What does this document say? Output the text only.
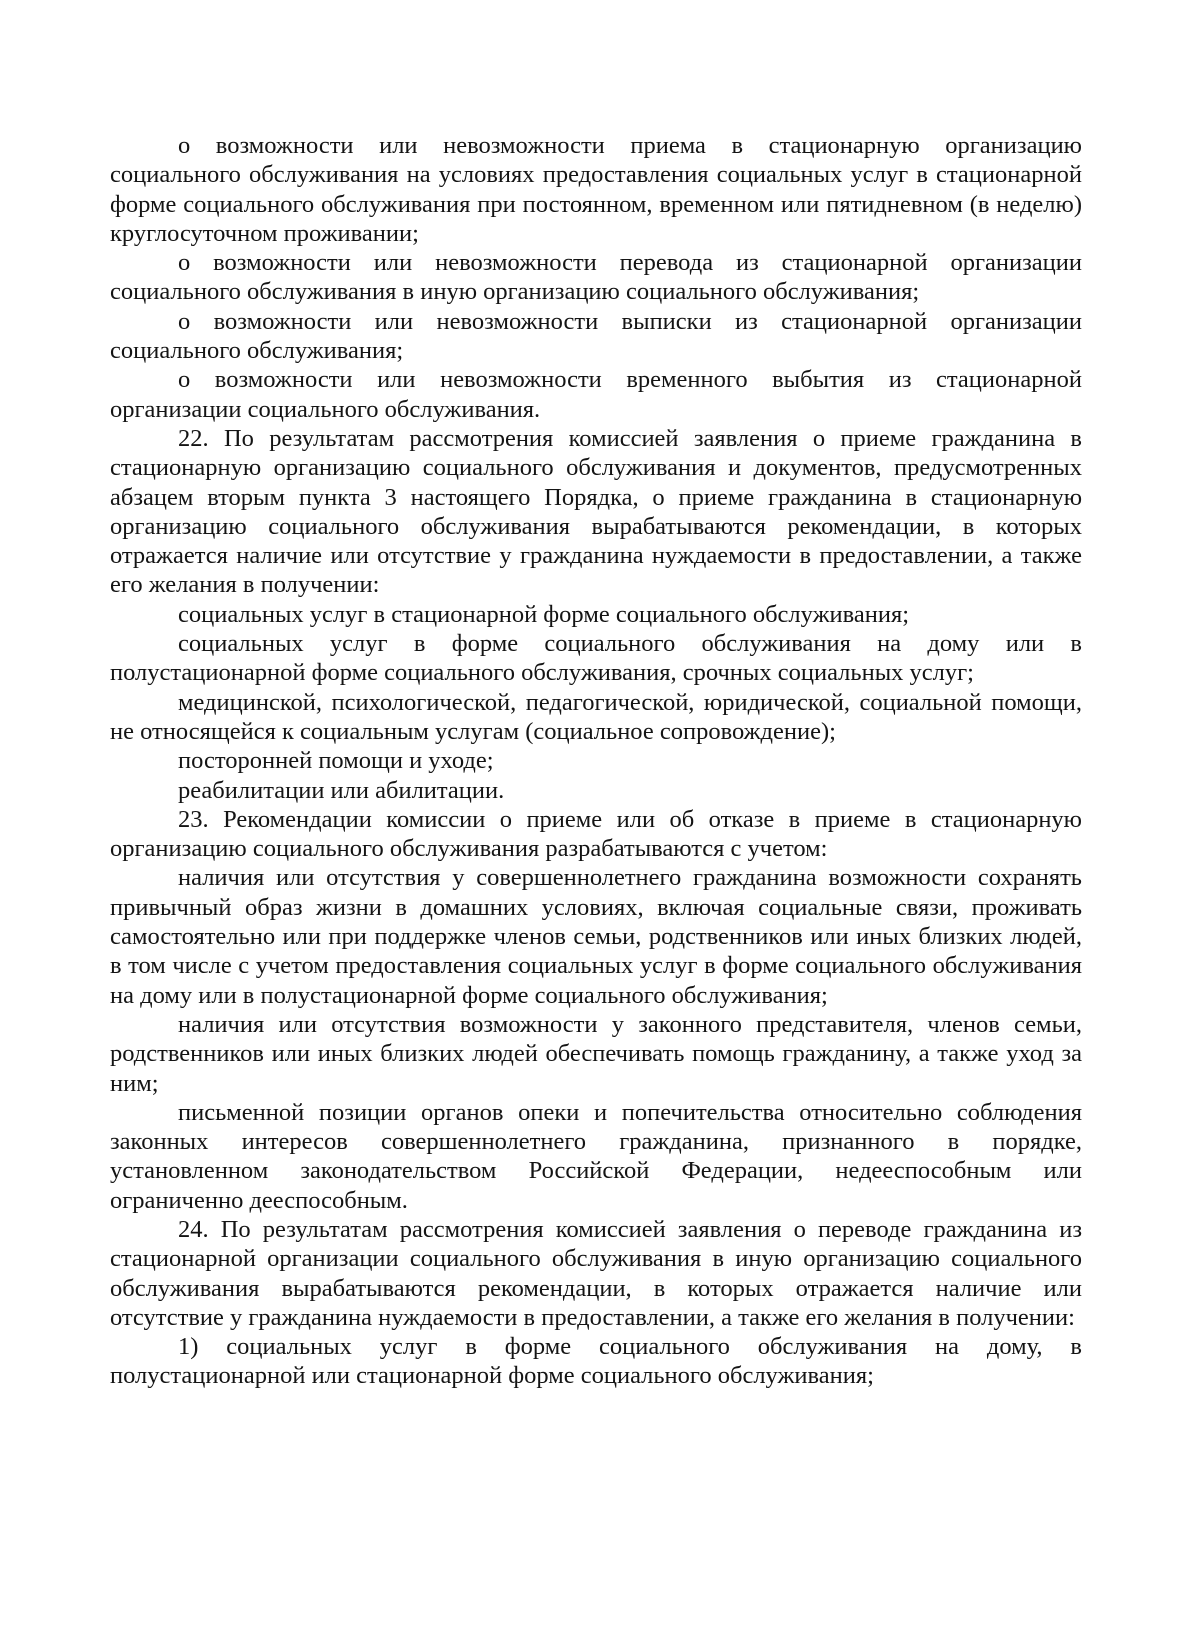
о возможности или невозможности приема в стационарную организацию социального обслуживания на условиях предоставления социальных услуг в стационарной форме социального обслуживания при постоянном, временном или пятидневном (в неделю) круглосуточном проживании;

о возможности или невозможности перевода из стационарной организации социального обслуживания в иную организацию социального обслуживания;

о возможности или невозможности выписки из стационарной организации социального обслуживания;

о возможности или невозможности временного выбытия из стационарной организации социального обслуживания.

22. По результатам рассмотрения комиссией заявления о приеме гражданина в стационарную организацию социального обслуживания и документов, предусмотренных абзацем вторым пункта 3 настоящего Порядка, о приеме гражданина в стационарную организацию социального обслуживания вырабатываются рекомендации, в которых отражается наличие или отсутствие у гражданина нуждаемости в предоставлении, а также его желания в получении:

социальных услуг в стационарной форме социального обслуживания;

социальных услуг в форме социального обслуживания на дому или в полустационарной форме социального обслуживания, срочных социальных услуг;

медицинской, психологической, педагогической, юридической, социальной помощи, не относящейся к социальным услугам (социальное сопровождение);

посторонней помощи и уходе;

реабилитации или абилитации.

23. Рекомендации комиссии о приеме или об отказе в приеме в стационарную организацию социального обслуживания разрабатываются с учетом:

наличия или отсутствия у совершеннолетнего гражданина возможности сохранять привычный образ жизни в домашних условиях, включая социальные связи, проживать самостоятельно или при поддержке членов семьи, родственников или иных близких людей, в том числе с учетом предоставления социальных услуг в форме социального обслуживания на дому или в полустационарной форме социального обслуживания;

наличия или отсутствия возможности у законного представителя, членов семьи, родственников или иных близких людей обеспечивать помощь гражданину, а также уход за ним;

письменной позиции органов опеки и попечительства относительно соблюдения законных интересов совершеннолетнего гражданина, признанного в порядке, установленном законодательством Российской Федерации, недееспособным или ограниченно дееспособным.

24. По результатам рассмотрения комиссией заявления о переводе гражданина из стационарной организации социального обслуживания в иную организацию социального обслуживания вырабатываются рекомендации, в которых отражается наличие или отсутствие у гражданина нуждаемости в предоставлении, а также его желания в получении:

1) социальных услуг в форме социального обслуживания на дому, в полустационарной или стационарной форме социального обслуживания;
